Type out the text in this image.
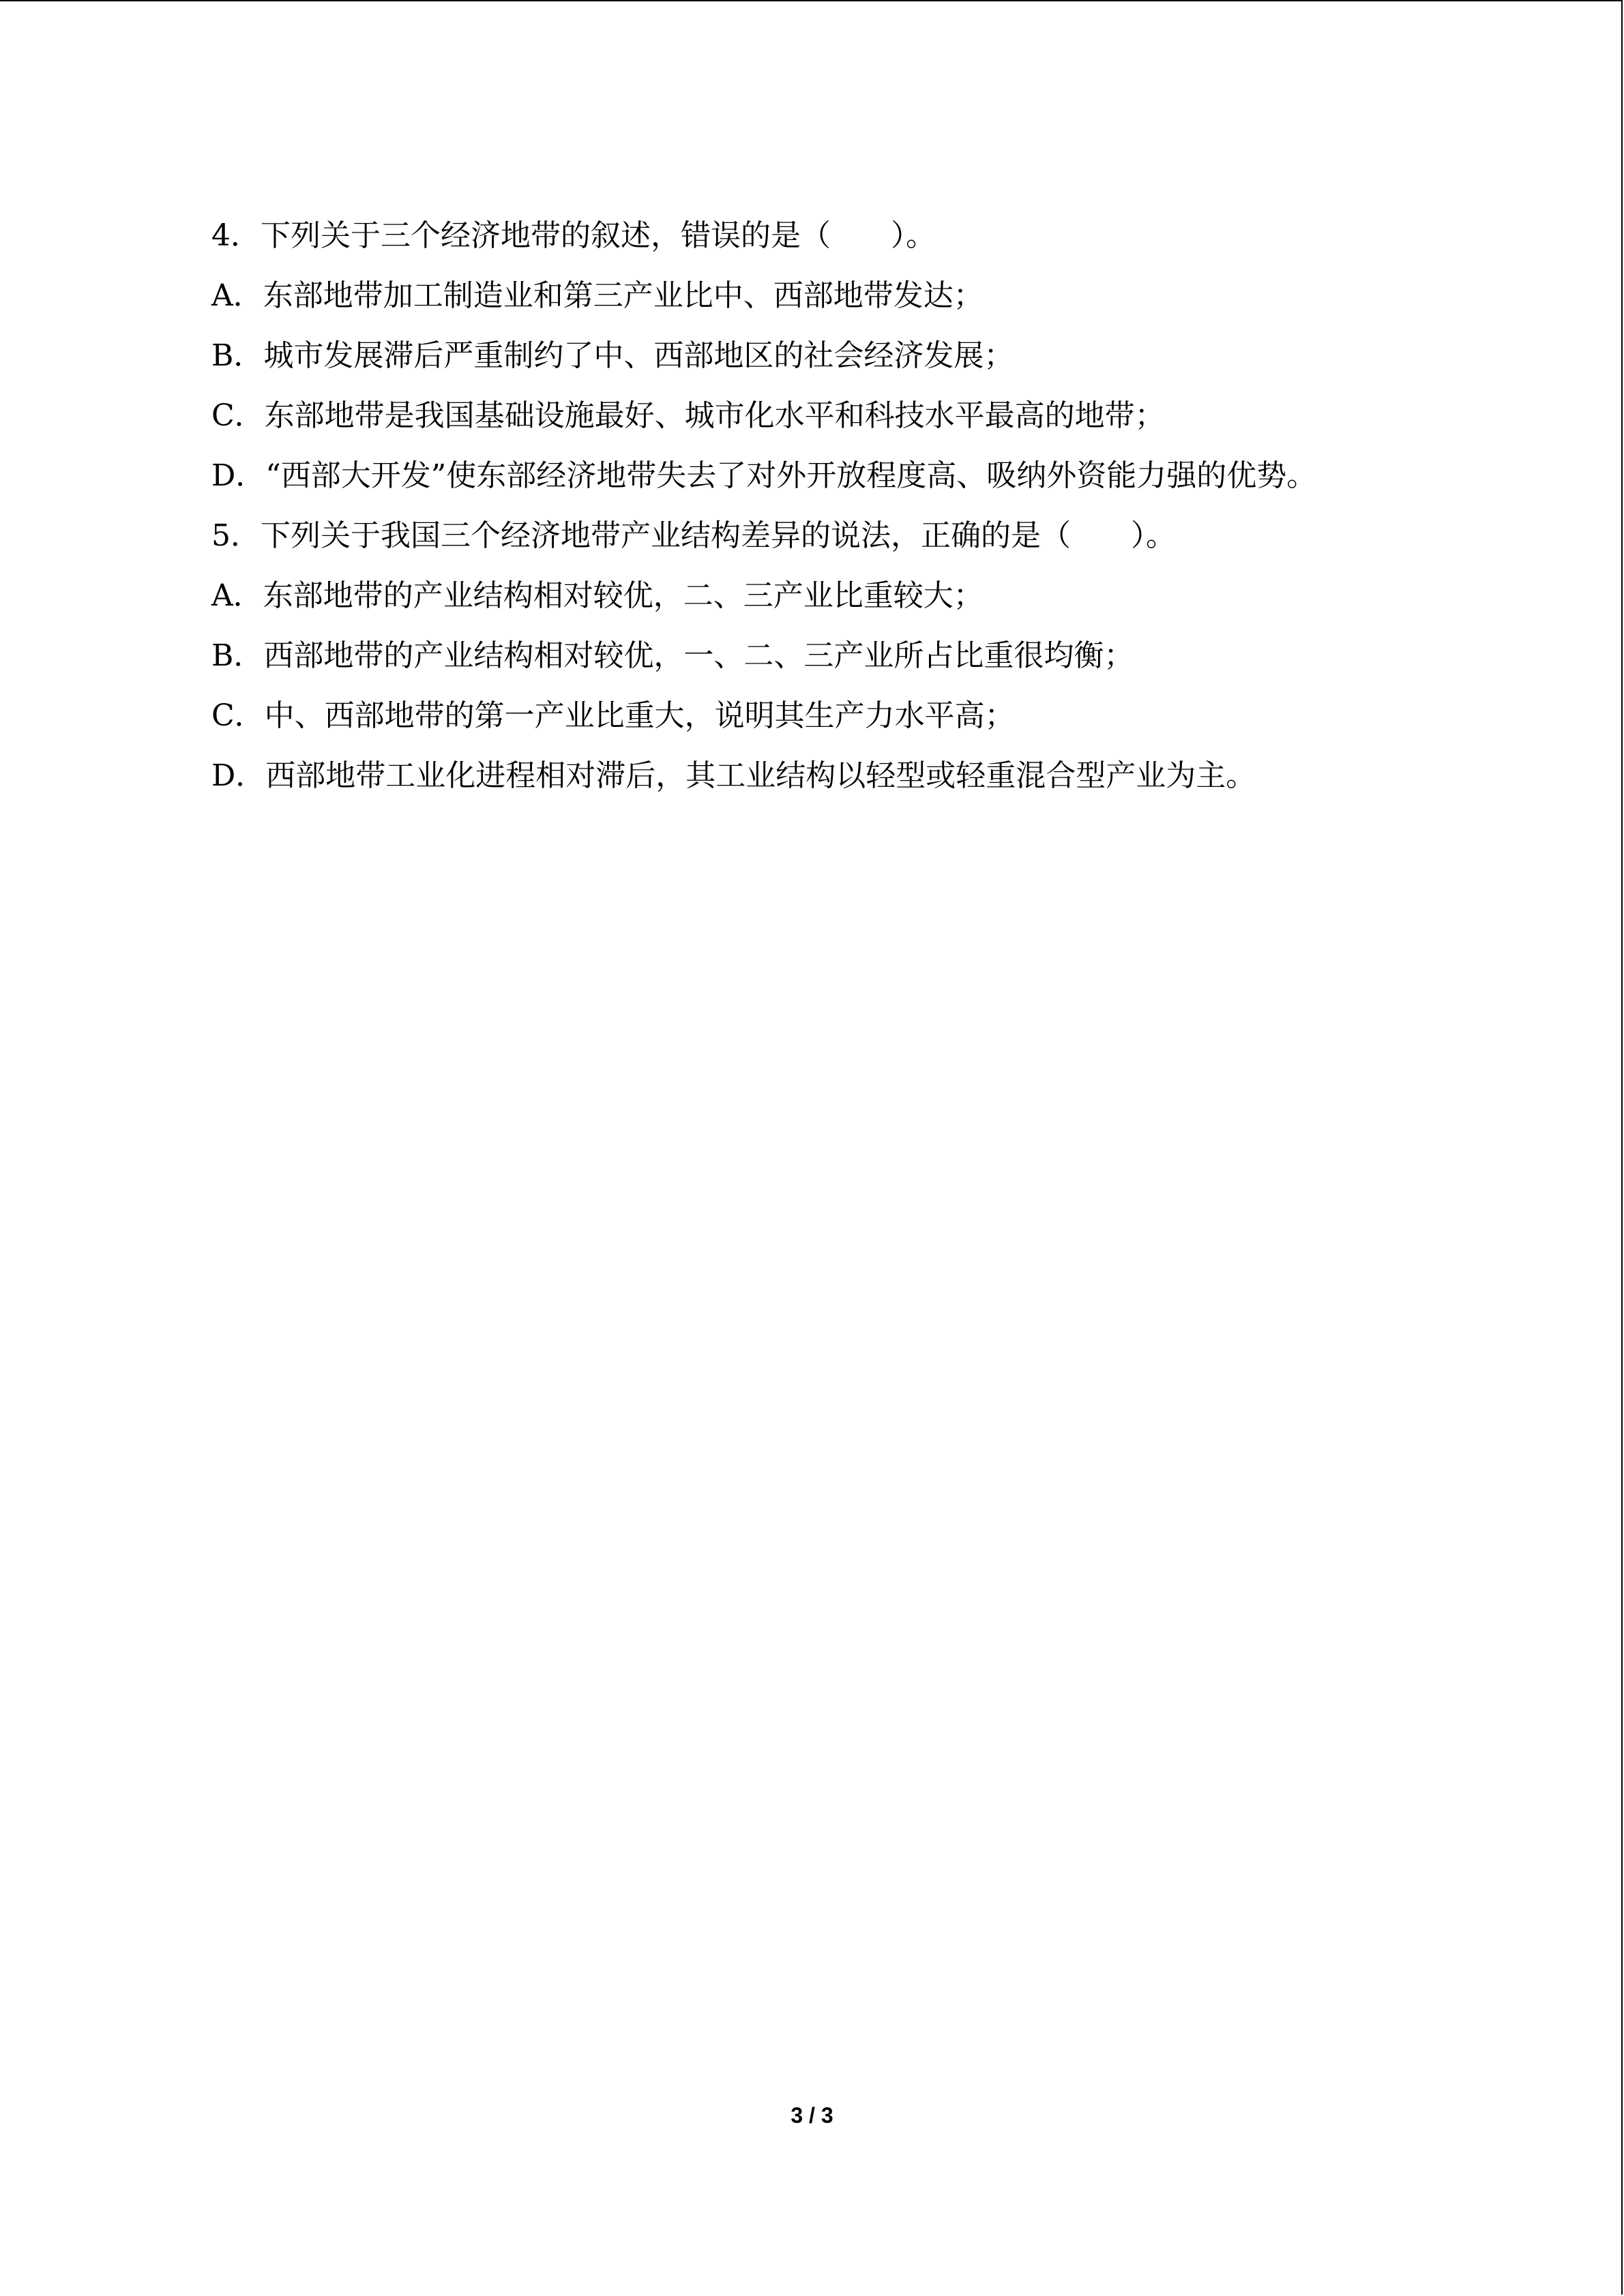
4．下列关于三个经济地带的叙述，错误的是（　　）。
A．东部地带加工制造业和第三产业比中、西部地带发达；
B．城市发展滞后严重制约了中、西部地区的社会经济发展；
C．东部地带是我国基础设施最好、城市化水平和科技水平最高的地带；
D．“西部大开发”使东部经济地带失去了对外开放程度高、吸纳外资能力强的优势。
5．下列关于我国三个经济地带产业结构差异的说法，正确的是（　　）。
A．东部地带的产业结构相对较优，二、三产业比重较大；
B．西部地带的产业结构相对较优，一、二、三产业所占比重很均衡；
C．中、西部地带的第一产业比重大，说明其生产力水平高；
D．西部地带工业化进程相对滞后，其工业结构以轻型或轻重混合型产业为主。
3 / 3
